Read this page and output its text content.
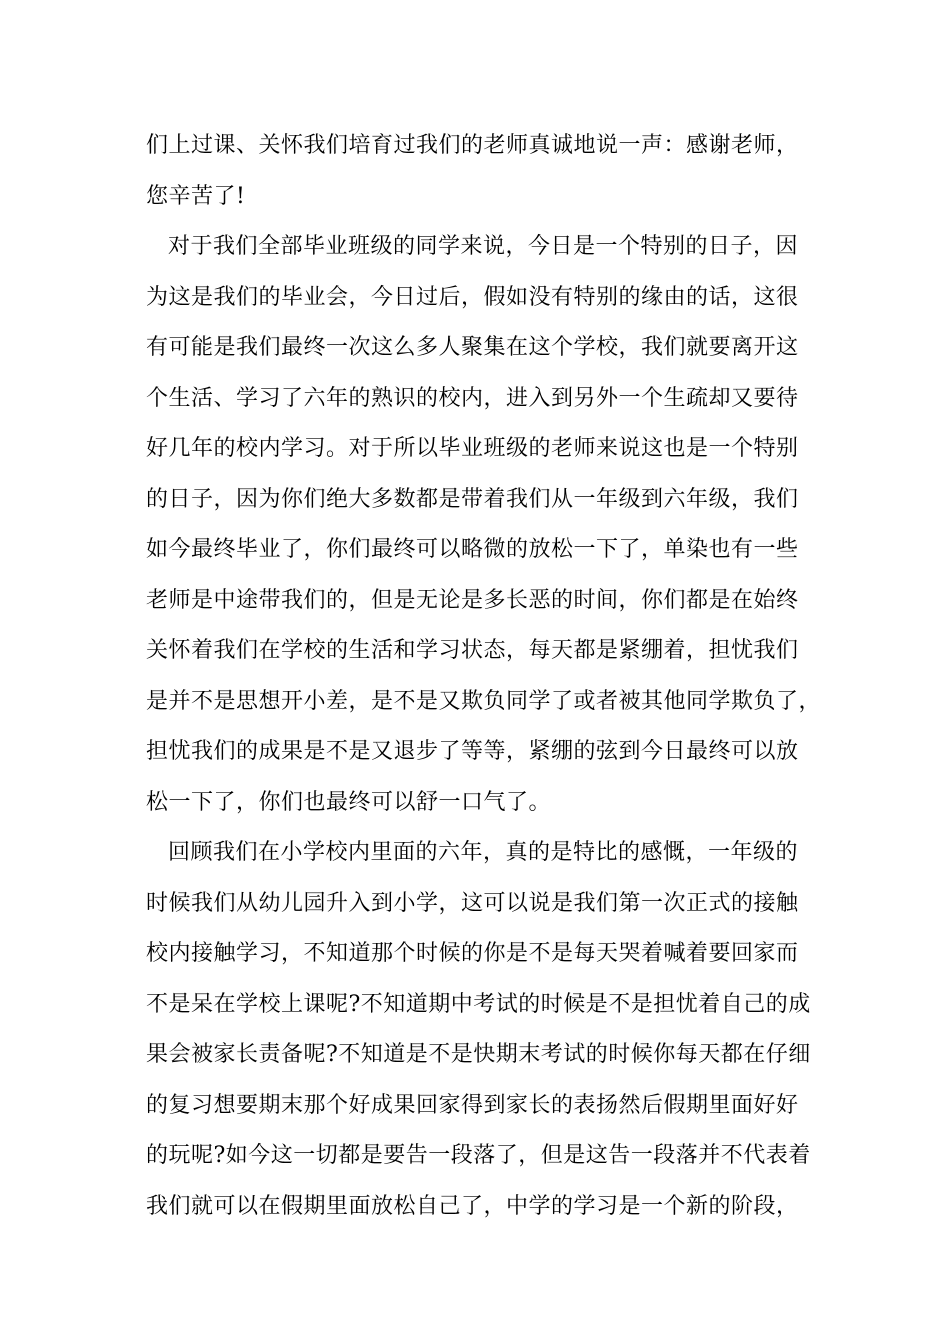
们上过课、关怀我们培育过我们的老师真诚地说一声：感谢老师，
您辛苦了!
对于我们全部毕业班级的同学来说，今日是一个特别的日子，因
为这是我们的毕业会，今日过后，假如没有特别的缘由的话，这很
有可能是我们最终一次这么多人聚集在这个学校，我们就要离开这
个生活、学习了六年的熟识的校内，进入到另外一个生疏却又要待
好几年的校内学习。对于所以毕业班级的老师来说这也是一个特别
的日子，因为你们绝大多数都是带着我们从一年级到六年级，我们
如今最终毕业了，你们最终可以略微的放松一下了，单染也有一些
老师是中途带我们的，但是无论是多长恶的时间，你们都是在始终
关怀着我们在学校的生活和学习状态，每天都是紧绷着，担忧我们
是并不是思想开小差，是不是又欺负同学了或者被其他同学欺负了，
担忧我们的成果是不是又退步了等等，紧绷的弦到今日最终可以放
松一下了，你们也最终可以舒一口气了。
回顾我们在小学校内里面的六年，真的是特比的感慨，一年级的
时候我们从幼儿园升入到小学，这可以说是我们第一次正式的接触
校内接触学习，不知道那个时候的你是不是每天哭着喊着要回家而
不是呆在学校上课呢?不知道期中考试的时候是不是担忧着自己的成
果会被家长责备呢?不知道是不是快期末考试的时候你每天都在仔细
的复习想要期末那个好成果回家得到家长的表扬然后假期里面好好
的玩呢?如今这一切都是要告一段落了，但是这告一段落并不代表着
我们就可以在假期里面放松自己了，中学的学习是一个新的阶段，
